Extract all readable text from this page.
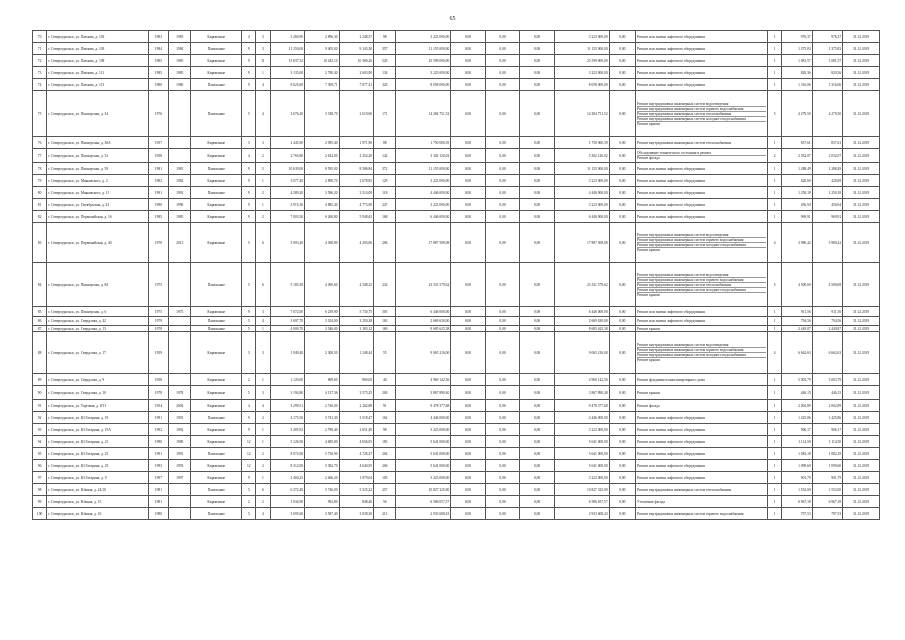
65
70	г. Североуральск, ул. Павлова, д. 103	1983	1983	Кирпичные	4	3	3 260,90	2 896,30	2 248,57	98	3 223 000,00	0,00	0,00	0,00	3 223 000,00	0,00	Ремонт или замена лифтового оборудования	1	976,37	976,37	31.12.2019
71	г. Североуральск, ул. Павлова, д. 103	1984	1984	Панельные	9	3	11 250,00	9 405,00	9 143,30	357	11 155 000,00	0,00	0,00	0,00	11 155 000,00	0,00	Ремонт или замена лифтового оборудования	1	1 375,83	1 375,83	31.12.2019
72	г. Североуральск, ул. Павлова, д. 108	1985	1985	Кирпичные	9	11	13 837,52	10 445,10	10 380,26	545	25 599 000,00	0,00	0,00	0,00	25 599 000,00	0,00	Ремонт или замена лифтового оборудования	1	1 081,57	1 081,57	31.12.2019
73	г. Североуральск, ул. Павлова, д. 111	1985	1985	Кирпичные	9	1	3 135,00	2 780,40	2 603,90	134	3 223 000,00	0,00	0,00	0,00	3 223 000,00	0,00	Ремонт или замена лифтового оборудования	1	820,36	820,36	31.12.2019
74	г. Североуральск, ул. Павлова, д. 113	1980	1980	Панельные	9	4	8 625,00	7 309,71	7 077,41	320	8 058 000,00	0,00	0,00	0,00	8 058 000,00	0,00	Ремонт или замена лифтового оборудования	1	1 316,06	1 316,06	31.12.2019
75	г. Североуральск, ул. Пионерская, д. 34	1976		Панельные	5	4	3 676,20	3 338,70	2 619,06	171	14 284 751,52	0,00	0,00	0,00	14 284 751,52	0,00	Ремонт внутридомовых инженерных систем водоотведения
Ремонт внутридомовых инженерных систем горячего водоснабжения
Ремонт внутридомовых инженерных систем теплоснабжения
Ремонт внутридомовых инженерных систем холодного водоснабжения
Ремонт крыши	5	4 279,50	4 279,50	31.12.2019
76	г. Североуральск, ул. Пионерская, д. 36А	1957		Кирпичные	3	3	2 445,90	2 095,40	1 971,90	88	1 750 000,39	0,00	0,00	0,00	1 750 000,39	0,00	Ремонт внутридомовых инженерных систем теплоснабжения	1	837,61	837,61	31.12.2019
77	г. Североуральск, ул. Пионерская, д. 52	1958		Кирпичные	4	2	2 765,80	2 634,00	2 354,20	142	5 302 120,02	0,00	0,00	0,00	5 302 120,02	0,00	Обследование технического состояния и ремонт
Ремонт фасада	2	2 032,07	2 032,07	31.12.2019
78	г. Североуральск, ул. Пионерская, д. 59	1981	1981	Панельные	9	5	10 639,00	8 595,00	8 586,84	372	11 155 000,00	0,00	0,00	0,00	11 155 000,00	0,00	Ремонт или замена лифтового оборудования	1	1 288,49	1 288,49	31.12.2019
79	г. Североуральск, ул. Маяковского, д. 2	1982	1982	Кирпичные	9	1	3 077,40	2 890,70	2 678,83	129	3 223 000,00	0,00	0,00	0,00	3 223 000,00	0,00	Ремонт или замена лифтового оборудования	1	420,69	420,69	31.12.2019
80	г. Североуральск, ул. Маяковского, д. 11	1991	1991	Панельные	9	2	4 289,20	3 586,20	3 514,09	118	4 446 000,00	0,00	0,00	0,00	4 446 000,00	0,00	Ремонт или замена лифтового оборудования	1	1 250,18	1 250,18	31.12.2019
81	г. Североуральск, ул. Октябрьская, д. 23	1990	1990	Кирпичные	9	1	3 915,30	4 885,40	4 773,90	247	3 223 000,00	0,00	0,00	0,00	3 223 000,00	0,00	Ремонт или замена лифтового оборудования	1	456,94	456,94	31.12.2019
82	г. Североуральск, ул. Первомайская, д. 16	1985	1985	Кирпичные	9	2	7 003,50	6 260,80	5 948,63	168	6 446 000,00	0,00	0,00	0,00	6 446 000,00	0,00	Ремонт или замена лифтового оборудования	1	969,91	969,91	31.12.2019
83	г. Североуральск, ул. Первомайская, д. 40	1970	2013	Кирпичные	5	6	5 003,20	4 368,80	4 293,06	206	17 887 508,08	0,00	0,00	0,00	17 887 508,08	0,00	Ремонт внутридомовых инженерных систем водоотведения
Ремонт внутридомовых инженерных систем горячего водоснабжения
Ремонт внутридомовых инженерных систем холодного водоснабжения
Ремонт крыши	4	3 980,42	3 980,42	31.12.2019
84	г. Североуральск, ул. Пионерская, д. 84	1975		Панельные	5	6	5 185,30	4 490,60	4 348,23	234	23 331 579,62	0,00	0,00	0,00	23 331 579,62	0,00	Ремонт внутридомовых инженерных систем водоотведения
Ремонт внутридомовых инженерных систем горячего водоснабжения
Ремонт внутридомовых инженерных систем теплоснабжения
Ремонт внутридомовых инженерных систем холодного водоснабжения
Ремонт крыши	5	4 500,69	4 500,69	31.12.2019
85	г. Североуральск, ул. Пионерская, д. 6	1975	1975	Кирпичные	9	3	7 072,00	6 239,90	5 730,75	303	6 446 000,00	0,00	0,00	0,00	6 446 000,00	0,00	Ремонт или замена лифтового оборудования	1	911,56	911,56	31.12.2019
86	г. Североуральск, ул. Свердлова, д. 42	1979		Панельные	5	4	3 697,70	3 354,00	3 250,38	163	2 669 630,00	0,00	0,00	0,00	2 669 630,00	0,00	Ремонт или замена лифтового оборудования	1	794,56	794,56	31.12.2019
87	г. Североуральск, ул. Свердлова, д. 13	1978		Панельные	5	1	4 000,70	3 546,00	3 183,12	169	8 685 625,38	0,00	0,00	0,00	8 685 625,38	0,00	Ремонт крыши	1	2 449,87	2 449,87	31.12.2019
88	г. Североуральск, ул. Свердлова, д. 17	1959		Кирпичные	3	3	1 949,40	2 300,50	1 248,44	55	9 065 216,00	0,00	0,00	0,00	9 065 216,00	0,00	Ремонт внутридомовых инженерных систем водоотведения
Ремонт внутридомовых инженерных систем горячего водоснабжения
Ремонт внутридомовых инженерных систем холодного водоснабжения
Ремонт крыши	4	6 662,63	6 662,63	31.12.2019
89	г. Североуральск, ул. Свердлова, д. 9	1958		Кирпичные	2	1	1 120,00	869,60	869,05	40	4 960 142,56	0,00	0,00	0,00	4 960 142,56	0,00	Ремонт фундамента многоквартирного дома	1	5 003,79	5 003,79	31.12.2019
90	г. Североуральск, ул. Свердлова, д. 10	1978	1978	Кирпичные	5	3	3 194,80	4 137,36	3 575,25	200	3 867 890,40	0,00	0,00	0,00	3 867 890,40	0,00	Ремонт крыши	1	446,15	446,15	31.12.2019
91	г. Североуральск, ул. Торговая, д. 8/13	1954	2004	Кирпичные	4	4	3 299,51	2 740,00	2 262,88	91	9 478 377,68	0,00	0,00	0,00	9 478 377,68	0,00	Ремонт фасада	1	2 002,89	2 002,89	31.12.2019
92	г. Североуральск, ул. Ю.Гагарина, д. 19	1991	1991	Панельные	9	2	4 175,50	3 741,30	3 518,47	162	4 446 000,00	0,00	0,00	0,00	4 446 000,00	0,00	Ремонт или замена лифтового оборудования	1	1 425,86	1 425,86	31.12.2019
93	г. Североуральск, ул. Ю.Гагарина, д. 19А	1992	1992	Кирпичные	9	1	3 285,92	2 789,40	2 651,49	98	3 223 000,00	0,00	0,00	0,00	3 223 000,00	0,00	Ремонт или замена лифтового оборудования	1	906,17	906,17	31.12.2019
94	г. Североуральск, ул. Ю.Гагарина, д. 21	1990	1990	Кирпичные	12	1	5 126,50	4 685,00	4 656,05	183	5 641 000,00	0,00	0,00	0,00	5 641 000,00	0,00	Ремонт или замена лифтового оборудования	1	1 114,50	1 114,50	31.12.2019
95	г. Североуральск, ул. Ю.Гагарина, д. 23	1991	1991	Панельные	12	2	8 072,00	5 730,90	4 726,27	204	5 641 000,00	0,00	0,00	0,00	5 641 000,00	0,00	Ремонт или замена лифтового оборудования	1	1 082,18	1 082,18	31.12.2019
96	г. Североуральск, ул. Ю.Гагарина, д. 25	1993	1993	Кирпичные	12	2	8 312,00	5 382,70	4 640,95	206	5 641 000,00	0,00	0,00	0,00	5 641 000,00	0,00	Ремонт или замена лифтового оборудования	1	1 099,60	1 099,60	31.12.2019
97	г. Североуральск, ул. Ю.Гагарина, д. 9	1997	1997	Кирпичные	9	1	2 460,23	2 466,20	1 879,04	105	3 223 000,00	0,00	0,00	0,00	3 223 000,00	0,00	Ремонт или замена лифтового оборудования	1	901,79	901,79	31.12.2019
98	г. Североуральск, ул. Южная, д. 24/10	1981		Панельные	5	6	6 372,40	5 746,00	5 525,22	257	10 827 325,00	0,00	0,00	0,00	10 827 325,00	0,00	Ремонт внутридомовых инженерных систем теплоснабжения	1	1 552,00	1 552,00	31.12.2019
99	г. Североуральск, ул. Южная, д. 15	1981		Кирпичные	2	2	1 034,90	992,80	848,40	56	6 586 657,57	0,00	0,00	0,00	6 586 657,57	0,00	Утепление фасада	1	6 967,18	6 967,18	31.12.2019
100	г. Североуральск, ул. Южная, д. 16	1980		Панельные	5	4	3 695,60	3 587,40	3 038,30	213	2 933 608,43	0,00	0,00	0,00	2 933 608,43	0,00	Ремонт внутридомовых инженерных систем горячего водоснабжения	1	797,53	797,53	31.12.2019
